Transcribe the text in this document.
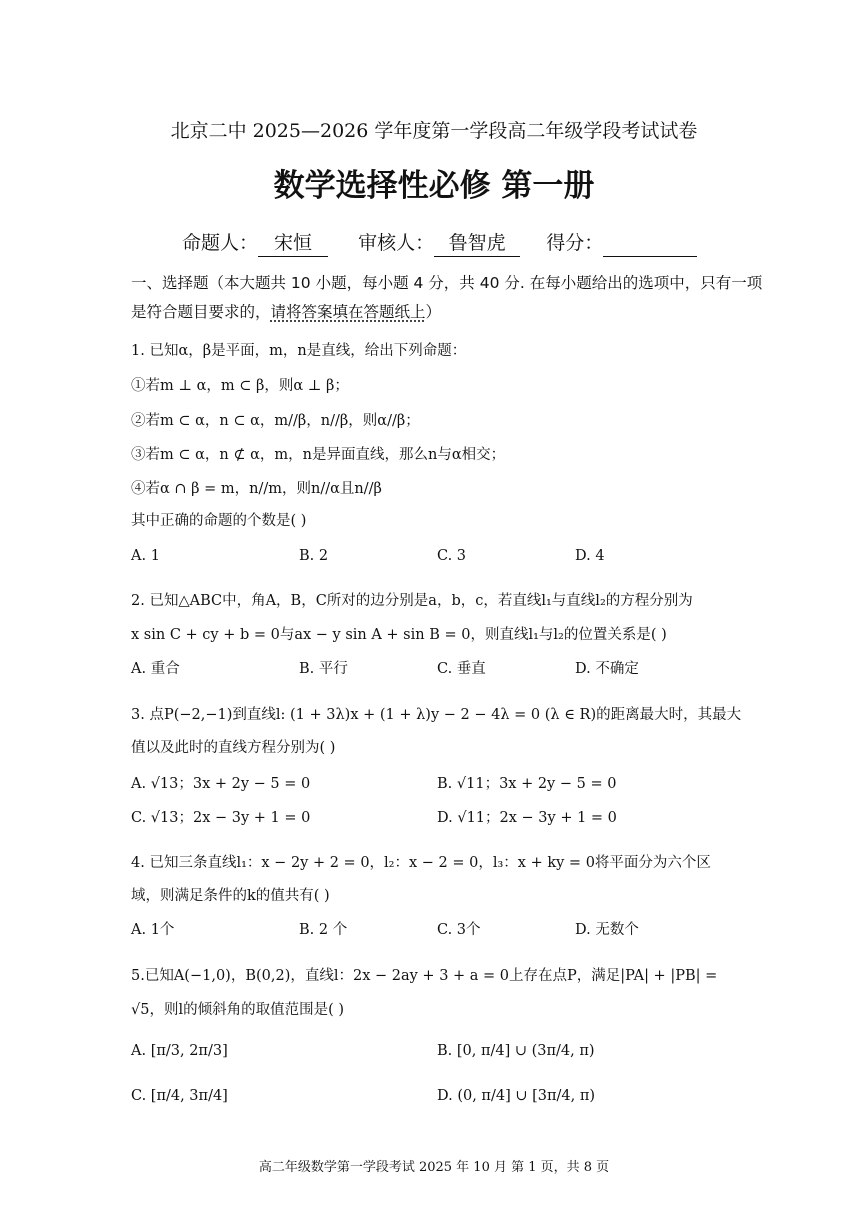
北京二中 2025—2026 学年度第一学段高二年级学段考试试卷
数学选择性必修 第一册
命题人： 宋恒 审核人： 鲁智虎 得分：
一、选择题（本大题共 10 小题，每小题 4 分，共 40 分. 在每小题给出的选项中，只有一项
是符合题目要求的，请将答案填在答题纸上）
1. 已知α，β是平面，m，n是直线，给出下列命题：
①若m ⊥ α，m ⊂ β，则α ⊥ β；
②若m ⊂ α，n ⊂ α，m//β，n//β，则α//β；
③若m ⊂ α，n ⊄ α，m，n是异面直线，那么n与α相交；
④若α ∩ β = m，n//m，则n//α且n//β
其中正确的命题的个数是( )
A. 1	B. 2	C. 3	D. 4
2. 已知△ABC中，角A，B，C所对的边分别是a，b，c，若直线l₁与直线l₂的方程分别为
x sin C + cy + b = 0与ax − y sin A + sin B = 0，则直线l₁与l₂的位置关系是( )
A. 重合	B. 平行	C. 垂直	D. 不确定
3. 点P(−2,−1)到直线l: (1 + 3λ)x + (1 + λ)y − 2 − 4λ = 0 (λ ∈ R)的距离最大时，其最大
值以及此时的直线方程分别为( )
A. √13；3x + 2y − 5 = 0	B. √11；3x + 2y − 5 = 0
C. √13；2x − 3y + 1 = 0	D. √11；2x − 3y + 1 = 0
4. 已知三条直线l₁：x − 2y + 2 = 0，l₂：x − 2 = 0，l₃：x + ky = 0将平面分为六个区
域，则满足条件的k的值共有( )
A. 1个	B. 2 个	C. 3个	D. 无数个
5.已知A(−1,0)，B(0,2)，直线l：2x − 2ay + 3 + a = 0上存在点P，满足|PA| + |PB| =
√5，则l的倾斜角的取值范围是( )
A. [π/3, 2π/3]	B. [0, π/4] ∪ (3π/4, π)
C. [π/4, 3π/4]	D. (0, π/4] ∪ [3π/4, π)
高二年级数学第一学段考试 2025 年 10 月 第 1 页，共 8 页
